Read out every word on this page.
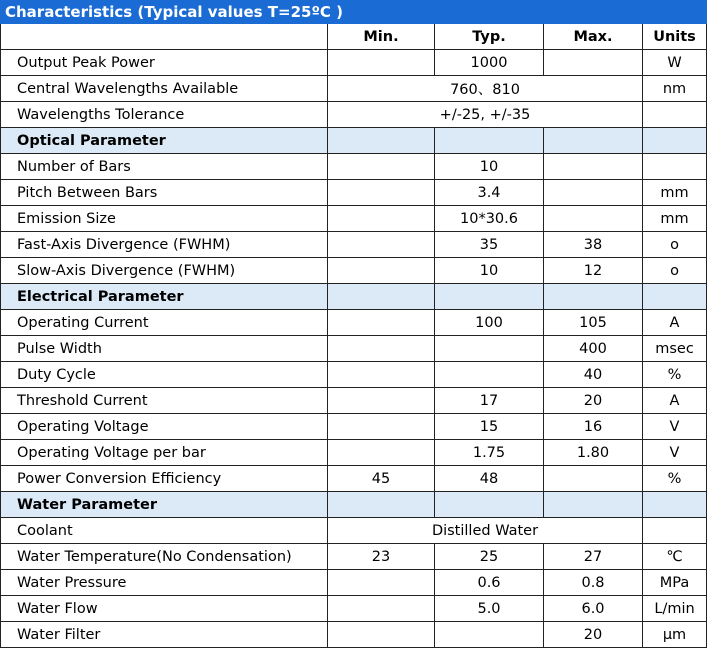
Characteristics (Typical values T=25ºC )				
	Min.	Typ.	Max.	Units
Output Peak Power		1000		W
Central Wavelengths Available	760、810			nm
Wavelengths Tolerance	+/-25, +/-35			
Optical Parameter				
Number of Bars		10		
Pitch Between Bars		3.4		mm
Emission Size		10*30.6		mm
Fast-Axis Divergence (FWHM)		35	38	o
Slow-Axis Divergence (FWHM)		10	12	o
Electrical Parameter				
Operating Current		100	105	A
Pulse Width			400	msec
Duty Cycle			40	%
Threshold Current		17	20	A
Operating Voltage		15	16	V
Operating Voltage per bar		1.75	1.80	V
Power Conversion Efficiency	45	48		%
Water Parameter				
Coolant	Distilled Water			
Water Temperature(No Condensation)	23	25	27	℃
Water Pressure		0.6	0.8	MPa
Water Flow		5.0	6.0	L/min
Water Filter			20	μm
